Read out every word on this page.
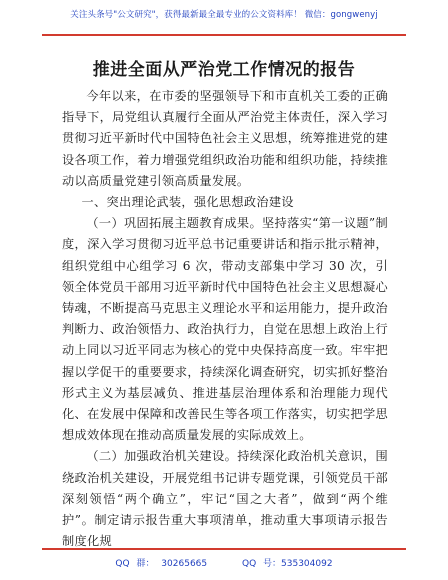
关注头条号"公文研究"，获得最新最全最专业的公文资料库！ 微信：gongwenyj
推进全面从严治党工作情况的报告

今年以来，在市委的坚强领导下和市直机关工委的正确指导下，局党组认真履行全面从严治党主体责任，深入学习贯彻习近平新时代中国特色社会主义思想，统筹推进党的建设各项工作，着力增强党组织政治功能和组织功能，持续推动以高质量党建引领高质量发展。

一、突出理论武装，强化思想政治建设

（一）巩固拓展主题教育成果。坚持落实“第一议题”制度，深入学习贯彻习近平总书记重要讲话和指示批示精神，组织党组中心组学习 6 次，带动支部集中学习 30 次，引领全体党员干部用习近平新时代中国特色社会主义思想凝心铸魂，不断提高马克思主义理论水平和运用能力，提升政治判断力、政治领悟力、政治执行力，自觉在思想上政治上行动上同以习近平同志为核心的党中央保持高度一致。牢牢把握以学促干的重要要求，持续深化调查研究，切实抓好整治形式主义为基层减负、推进基层治理体系和治理能力现代化、在发展中保障和改善民生等各项工作落实，切实把学思想成效体现在推动高质量发展的实际成效上。

（二）加强政治机关建设。持续深化政治机关意识，围绕政治机关建设，开展党组书记讲专题党课，引领党员干部深刻领悟“两个确立”，牢记“国之大者”，做到“两个维护”。制定请示报告重大事项清单，推动重大事项请示报告制度化规

QQ 群： 30265665	QQ 号：535304092
